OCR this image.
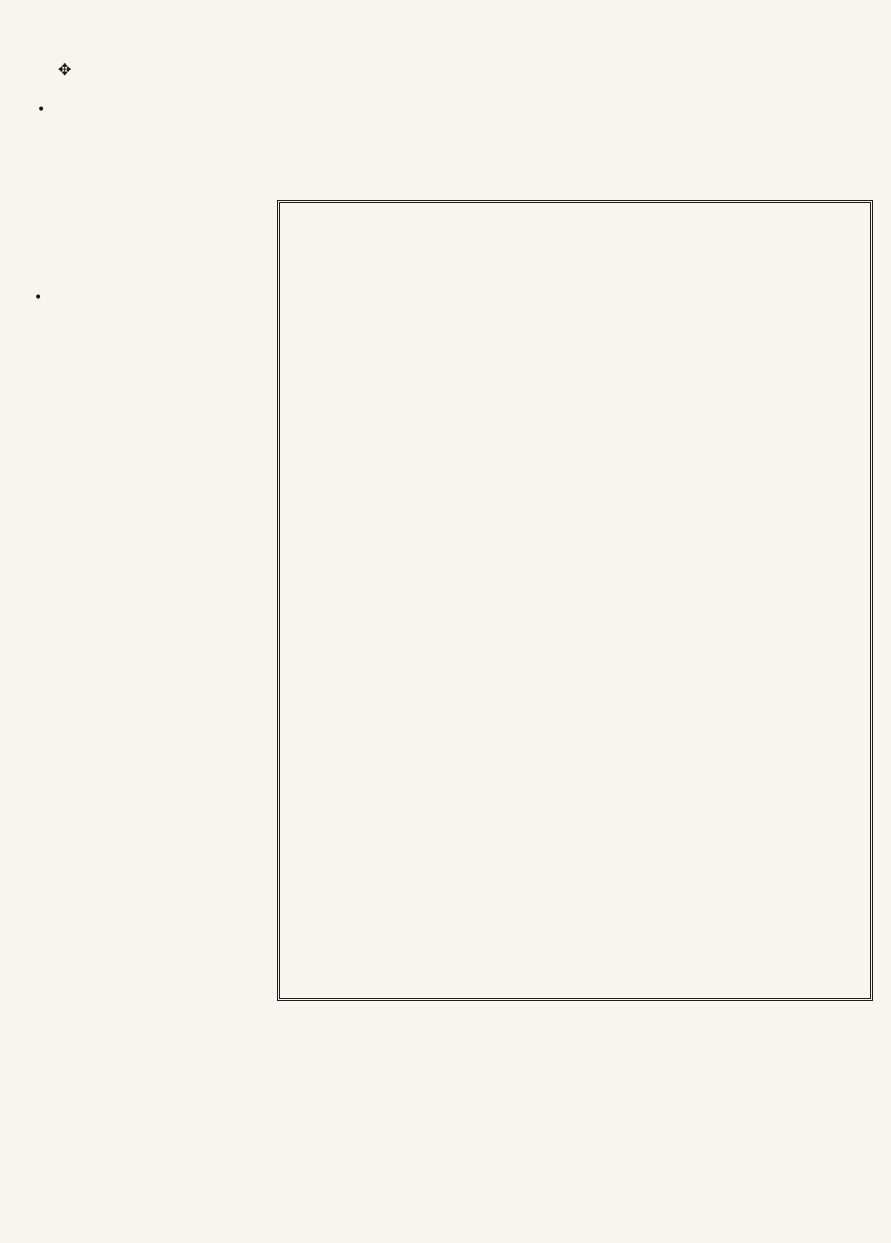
✥
•
•
